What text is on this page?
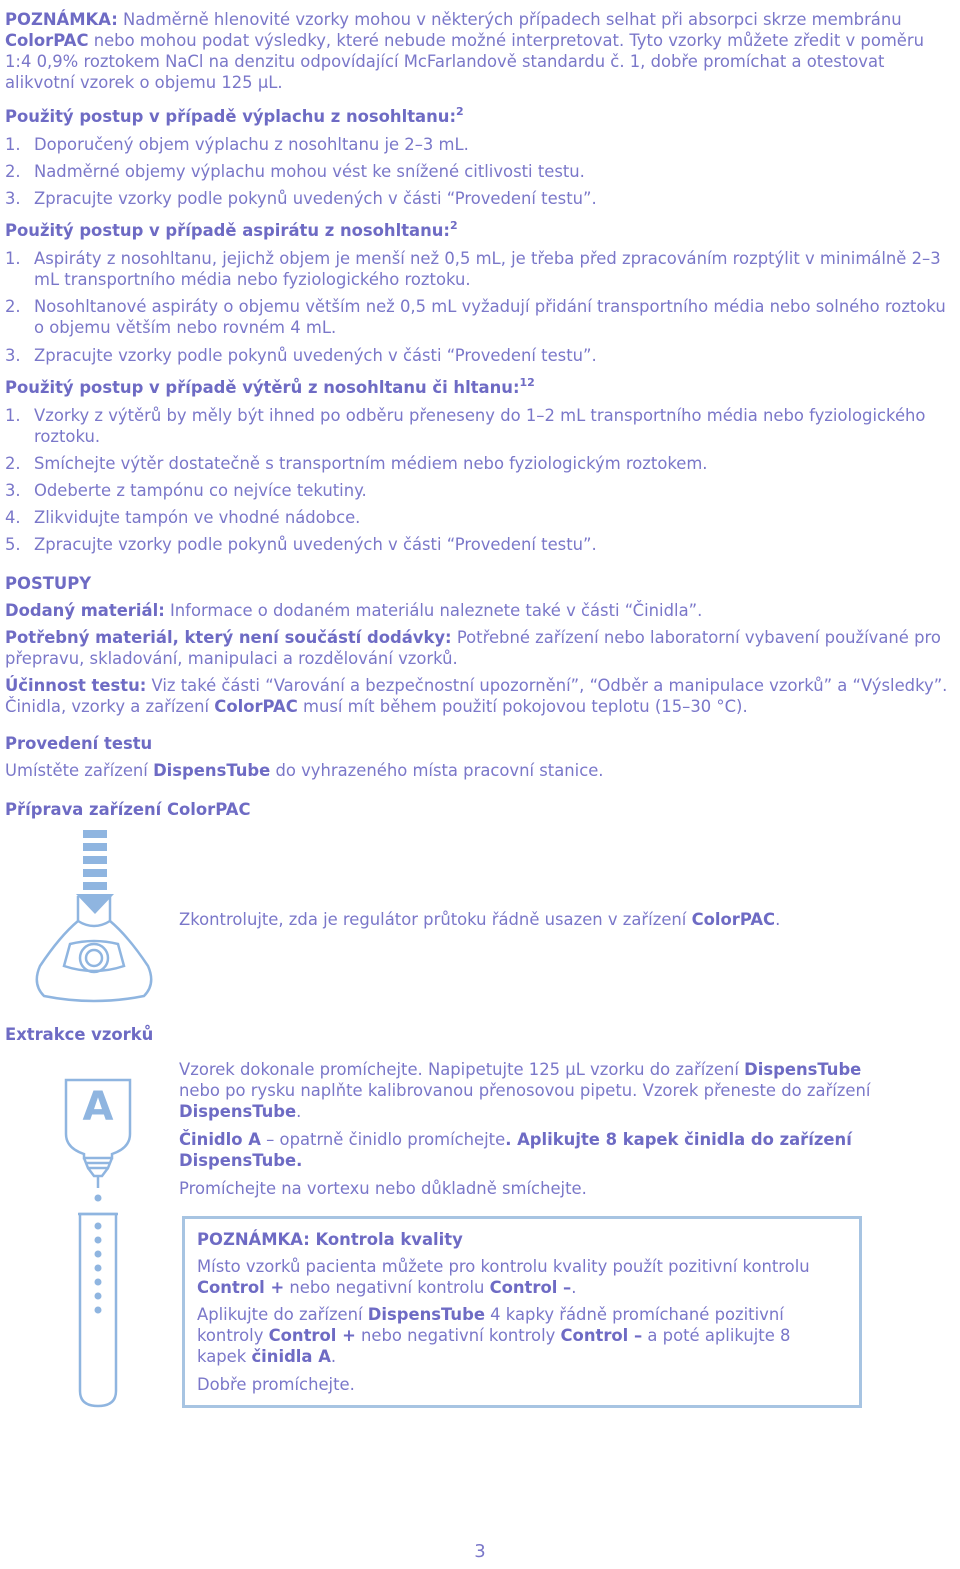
POZNÁMKA: Nadměrně hlenovité vzorky mohou v některých případech selhat při absorpci skrze membránu ColorPAC nebo mohou podat výsledky, které nebude možné interpretovat. Tyto vzorky můžete zředit v poměru 1:4 0,9% roztokem NaCl na denzitu odpovídající McFarlandově standardu č. 1, dobře promíchat a otestovat alikvotní vzorek o objemu 125 µL.
Použitý postup v případě výplachu z nosohltanu:$^2$
1. Doporučený objem výplachu z nosohltanu je 2–3 mL.
2. Nadměrné objemy výplachu mohou vést ke snížené citlivosti testu.
3. Zpracujte vzorky podle pokynů uvedených v části “Provedení testu”.
Použitý postup v případě aspirátu z nosohltanu:$^2$
1. Aspiráty z nosohltanu, jejichž objem je menší než 0,5 mL, je třeba před zpracováním rozptýlit v minimálně 2–3 mL transportního média nebo fyziologického roztoku.
2. Nosohltanové aspiráty o objemu větším než 0,5 mL vyžadují přidání transportního média nebo solného roztoku o objemu větším nebo rovném 4 mL.
3. Zpracujte vzorky podle pokynů uvedených v části “Provedení testu”.
Použitý postup v případě výtěrů z nosohltanu či hltanu:$^{12}$
1. Vzorky z výtěrů by měly být ihned po odběru přeneseny do 1–2 mL transportního média nebo fyziologického roztoku.
2. Smíchejte výtěr dostatečně s transportním médiem nebo fyziologickým roztokem.
3. Odeberte z tampónu co nejvíce tekutiny.
4. Zlikvidujte tampón ve vhodné nádobce.
5. Zpracujte vzorky podle pokynů uvedených v části “Provedení testu”.
POSTUPY
Dodaný materiál: Informace o dodaném materiálu naleznete také v části “Činidla”.
Potřebný materiál, který není součástí dodávky: Potřebné zařízení nebo laboratorní vybavení používané pro přepravu, skladování, manipulaci a rozdělování vzorků.
Účinnost testu: Viz také části “Varování a bezpečnostní upozornění”, “Odběr a manipulace vzorků” a “Výsledky”. Činidla, vzorky a zařízení ColorPAC musí mít během použití pokojovou teplotu (15–30 °C).
Provedení testu
Umístěte zařízení DispensTube do vyhrazeného místa pracovní stanice.
Příprava zařízení ColorPAC
Zkontrolujte, zda je regulátor průtoku řádně usazen v zařízení ColorPAC.
Extrakce vzorků
A
Vzorek dokonale promíchejte. Napipetujte 125 µL vzorku do zařízení DispensTube nebo po rysku naplňte kalibrovanou přenosovou pipetu. Vzorek přeneste do zařízení DispensTube.
Činidlo A – opatrně činidlo promíchejte. Aplikujte 8 kapek činidla do zařízení DispensTube.
Promíchejte na vortexu nebo důkladně smíchejte.
POZNÁMKA: Kontrola kvality
Místo vzorků pacienta můžete pro kontrolu kvality použít pozitivní kontrolu Control + nebo negativní kontrolu Control –.
Aplikujte do zařízení DispensTube 4 kapky řádně promíchané pozitivní kontroly Control + nebo negativní kontroly Control – a poté aplikujte 8 kapek činidla A.
Dobře promíchejte.
3
